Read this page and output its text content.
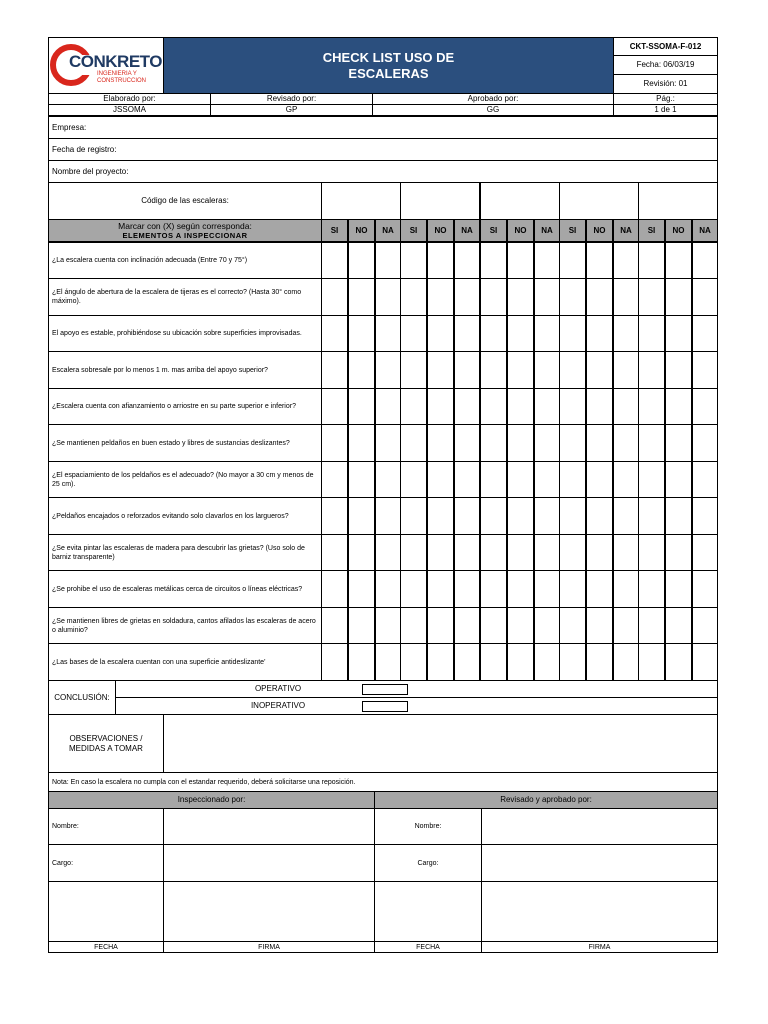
CONKRETO
INGENIERIA Y
CONSTRUCCION
CHECK LIST USO DE
ESCALERAS
CKT-SSOMA-F-012
Fecha: 06/03/19
Revisión: 01
Elaborado por:	Revisado por:	Aprobado por:	Pág.:
JSSOMA	GP	GG	1 de 1
Empresa:
Fecha de registro:
Nombre del proyecto:
Código de las escaleras:
Marcar con (X) según corresponda:
ELEMENTOS A INSPECCIONAR
SI	NO	NA	SI	NO	NA	SI	NO	NA	SI	NO	NA	SI	NO	NA
¿La escalera cuenta con inclinación adecuada (Entre 70 y 75°)
¿El ángulo de abertura de la escalera de tijeras es el correcto? (Hasta 30° como máximo).
El apoyo es estable, prohibiéndose su ubicación sobre superficies improvisadas.
Escalera sobresale por lo menos 1 m. mas arriba del apoyo superior?
¿Escalera cuenta con afianzamiento o arriostre en su parte superior e inferior?
¿Se mantienen peldaños en buen estado y libres de sustancias deslizantes?
¿El espaciamiento de los peldaños es el adecuado? (No mayor a 30 cm y menos de 25 cm).
¿Peldaños encajados o reforzados evitando solo clavarlos en los largueros?
¿Se evita pintar las escaleras de madera para descubrir las grietas? (Uso solo de barniz transparente)
¿Se prohibe el uso de escaleras metálicas cerca de circuitos o líneas eléctricas?
¿Se mantienen libres de grietas en soldadura, cantos afilados las escaleras de acero o aluminio?
¿Las bases de la escalera cuentan con una superficie antideslizante'
CONCLUSIÓN:
OPERATIVO
INOPERATIVO
OBSERVACIONES /
MEDIDAS A TOMAR
Nota: En caso la escalera no cumpla con el estandar requerido, deberá solicitarse una reposición.
Inspeccionado por:	Revisado y aprobado por:
Nombre:	Nombre:
Cargo:	Cargo:
FECHA	FIRMA	FECHA	FIRMA
